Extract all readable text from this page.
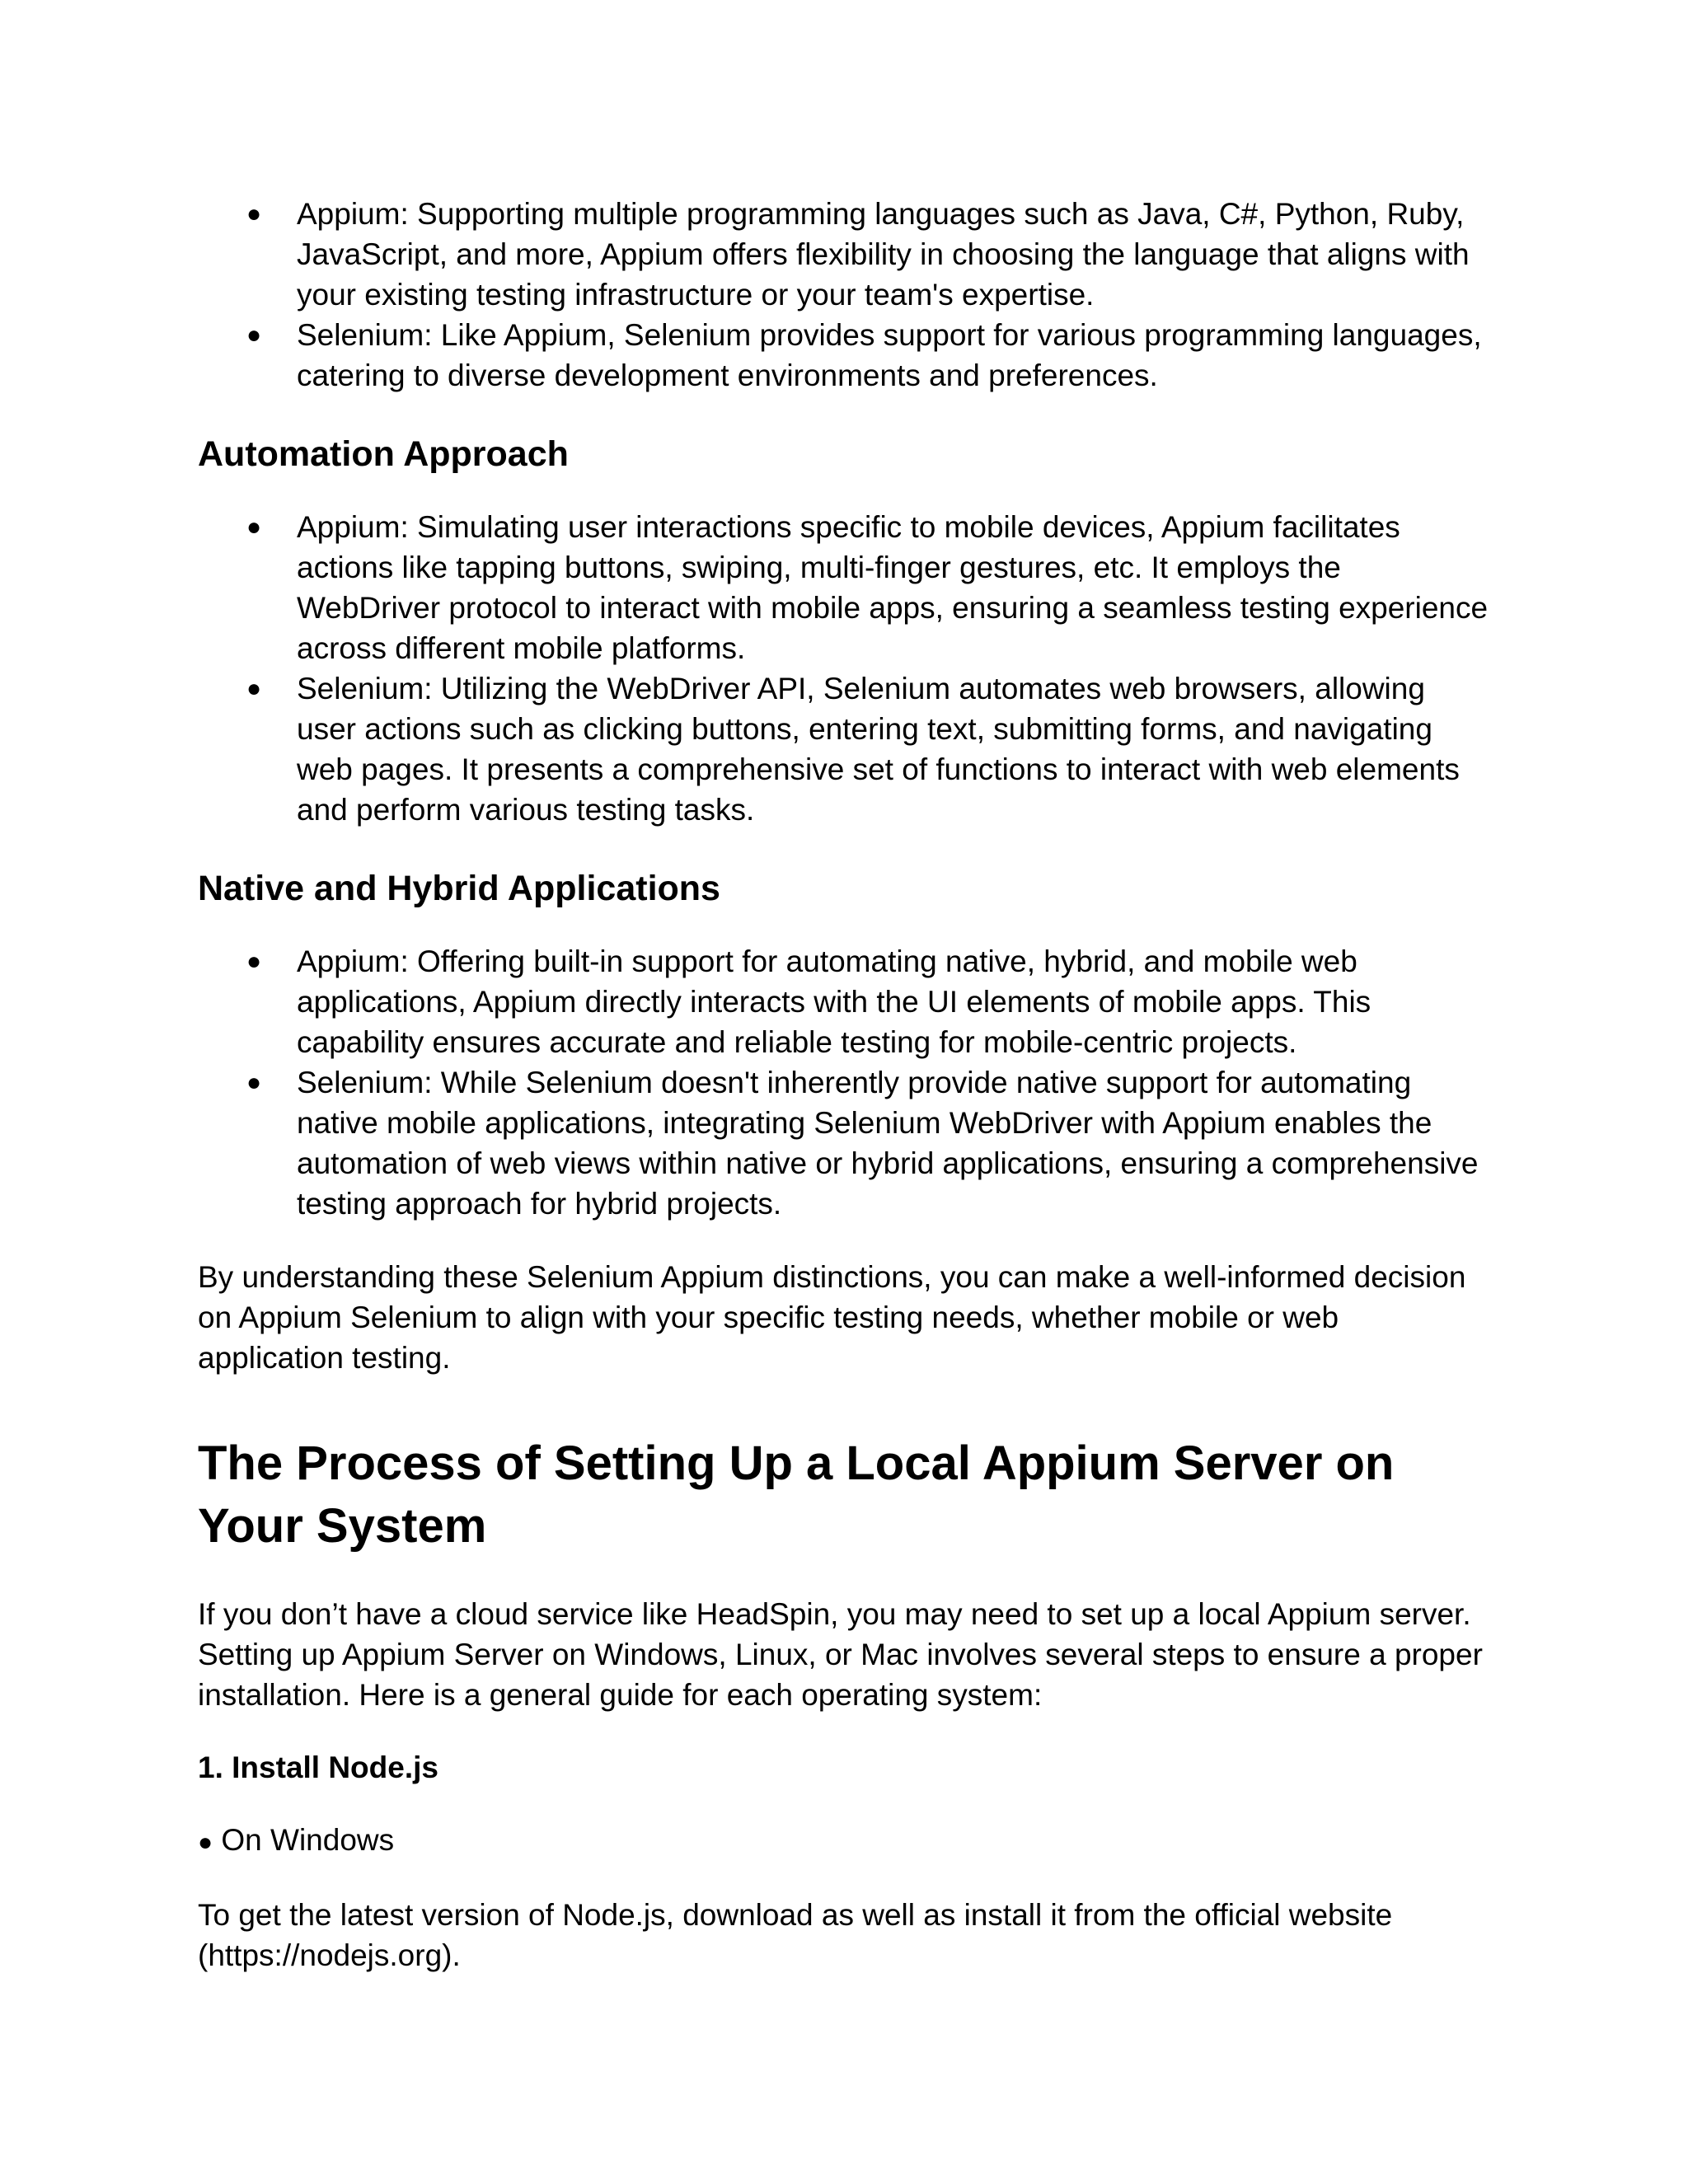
● Appium: Supporting multiple programming languages such as Java, C#, Python, Ruby, JavaScript, and more, Appium offers flexibility in choosing the language that aligns with your existing testing infrastructure or your team's expertise.
● Selenium: Like Appium, Selenium provides support for various programming languages, catering to diverse development environments and preferences.
Automation Approach
● Appium: Simulating user interactions specific to mobile devices, Appium facilitates actions like tapping buttons, swiping, multi-finger gestures, etc. It employs the WebDriver protocol to interact with mobile apps, ensuring a seamless testing experience across different mobile platforms.
● Selenium: Utilizing the WebDriver API, Selenium automates web browsers, allowing user actions such as clicking buttons, entering text, submitting forms, and navigating web pages. It presents a comprehensive set of functions to interact with web elements and perform various testing tasks.
Native and Hybrid Applications
● Appium: Offering built-in support for automating native, hybrid, and mobile web applications, Appium directly interacts with the UI elements of mobile apps. This capability ensures accurate and reliable testing for mobile-centric projects.
● Selenium: While Selenium doesn't inherently provide native support for automating native mobile applications, integrating Selenium WebDriver with Appium enables the automation of web views within native or hybrid applications, ensuring a comprehensive testing approach for hybrid projects.

By understanding these Selenium Appium distinctions, you can make a well-informed decision on Appium Selenium to align with your specific testing needs, whether mobile or web application testing.

The Process of Setting Up a Local Appium Server on Your System

If you don’t have a cloud service like HeadSpin, you may need to set up a local Appium server. Setting up Appium Server on Windows, Linux, or Mac involves several steps to ensure a proper installation. Here is a general guide for each operating system:

1. Install Node.js

● On Windows

To get the latest version of Node.js, download as well as install it from the official website (https://nodejs.org).
